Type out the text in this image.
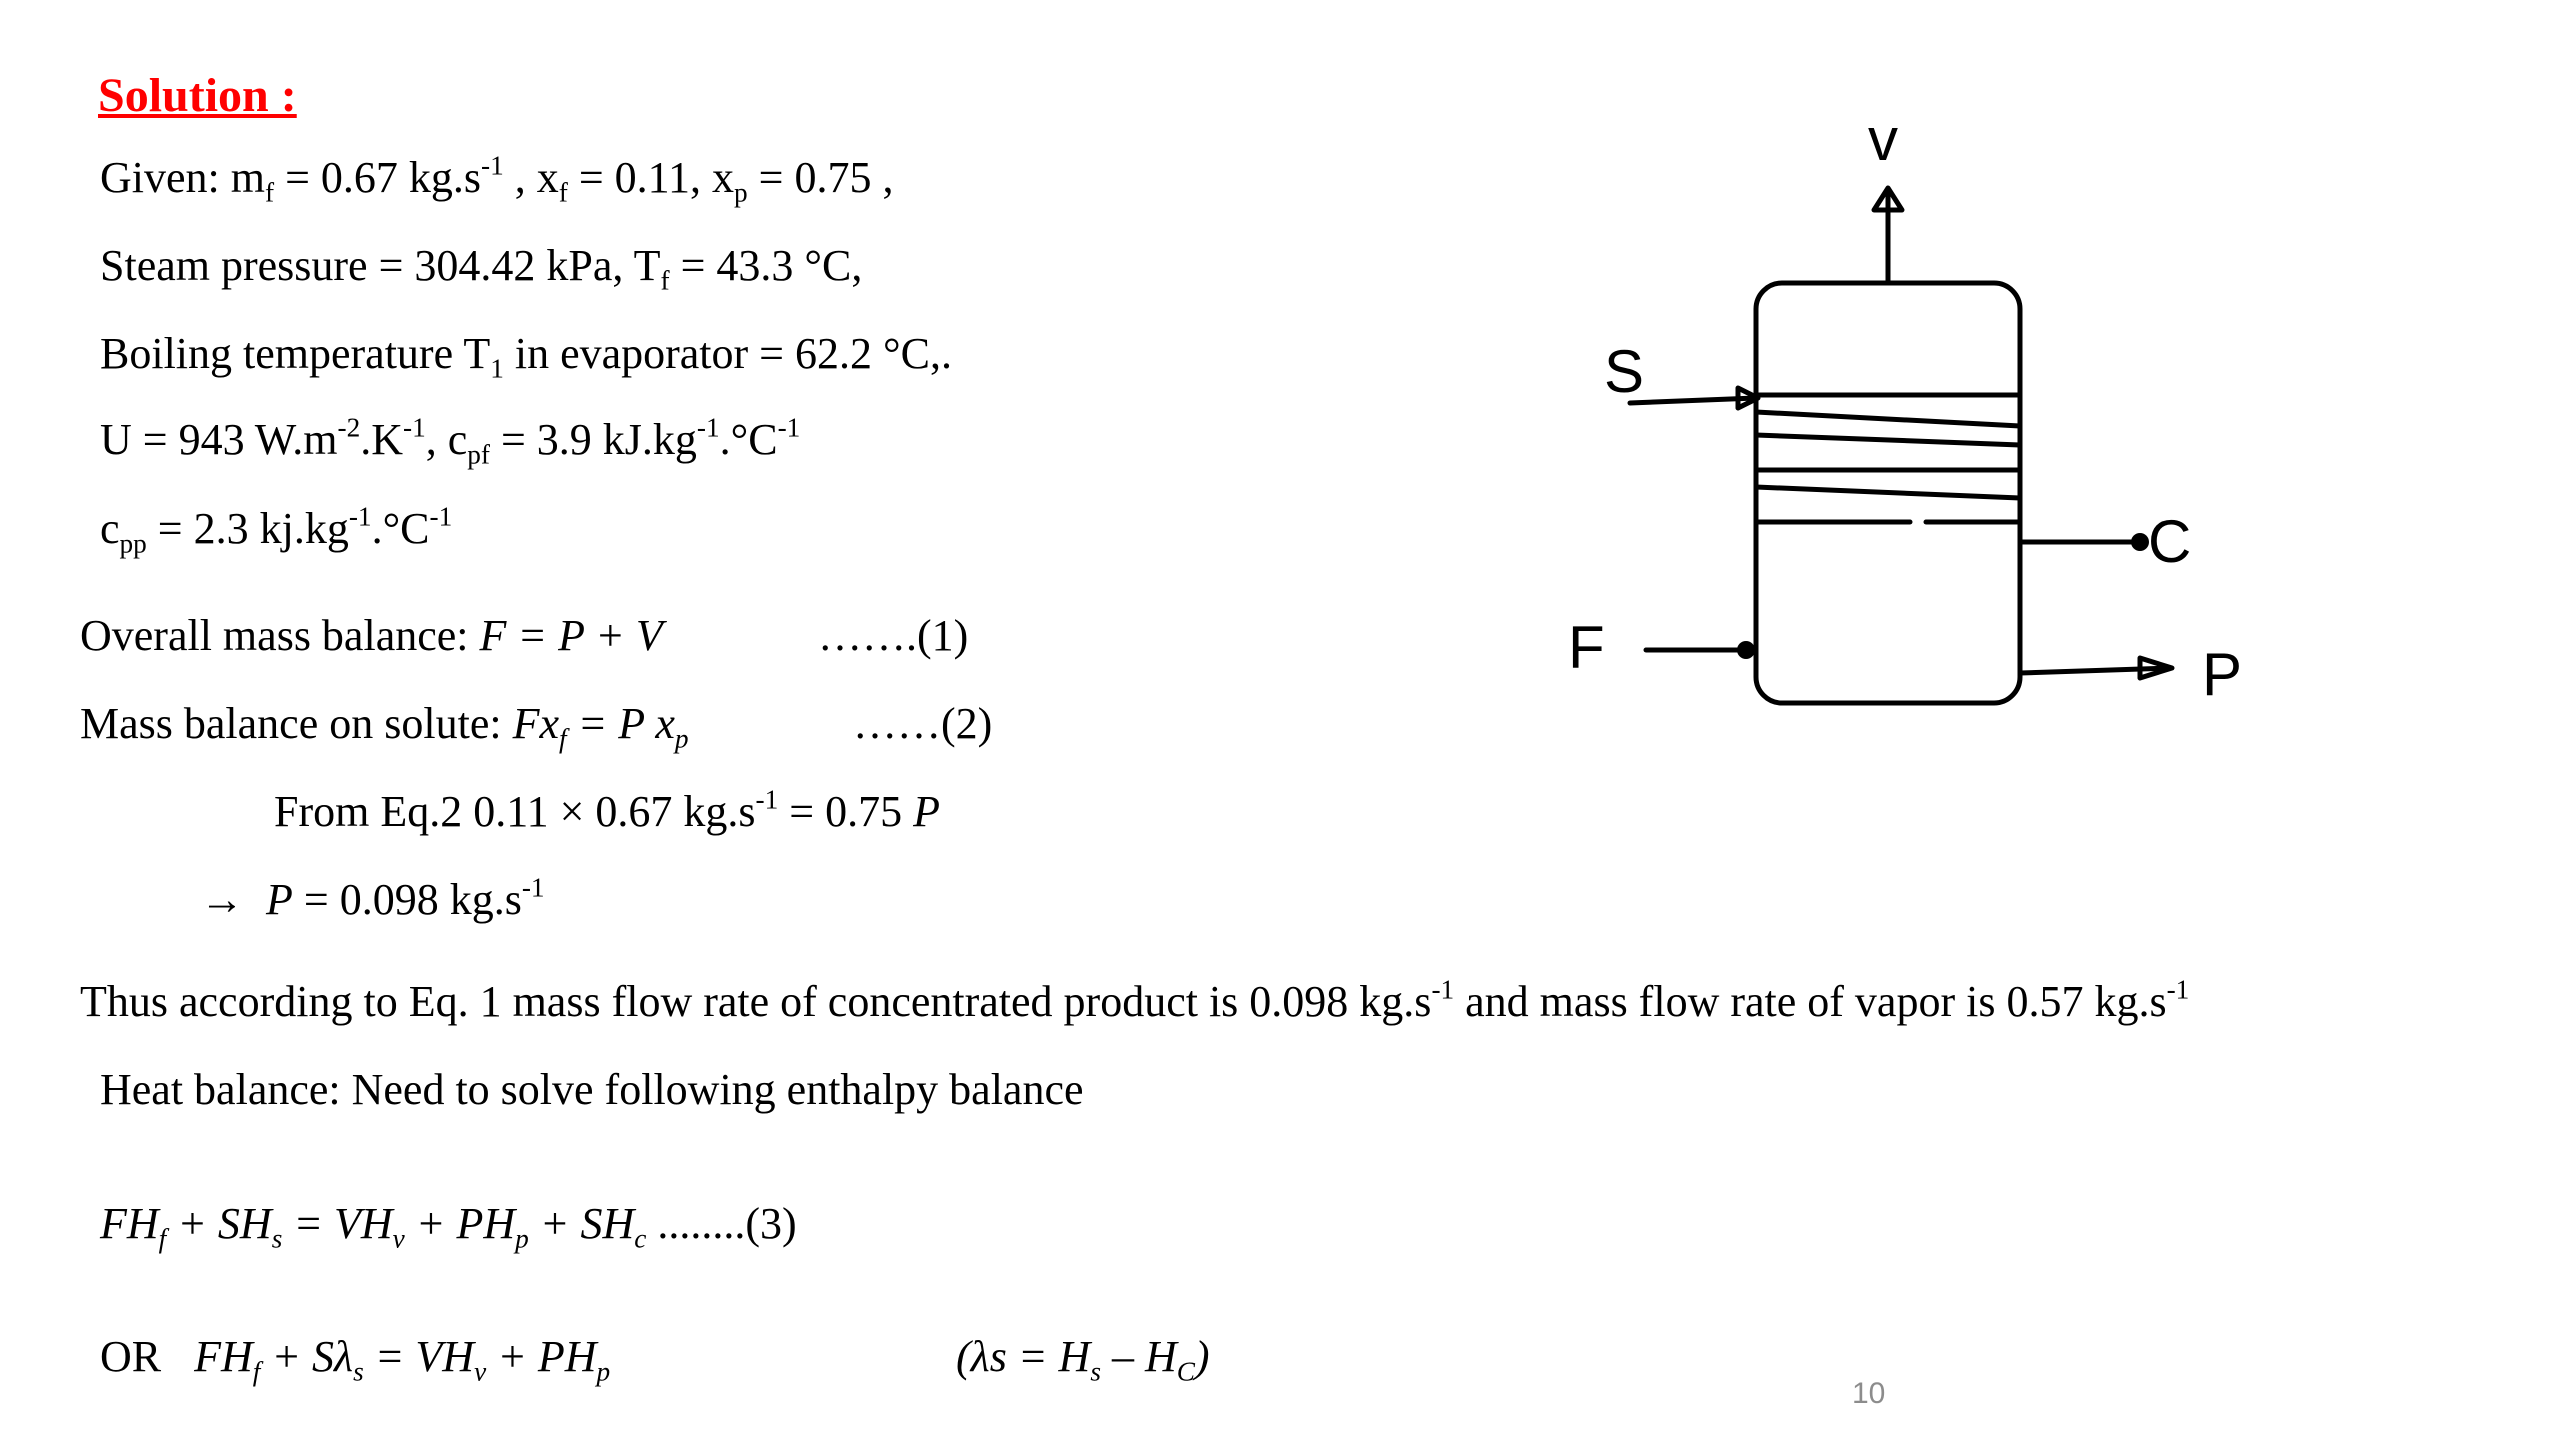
Solution :
Given: $m_f = 0.67$ $kg.s^{-1}$ , $x_f = 0.11$, $x_p = 0.75$ ,
Steam pressure = 304.42 kPa, $T_f = 43.3$ °C,
Boiling temperature $T_1$ in evaporator = 62.2 °C,.
U = 943 $W.m^{-2}.K^{-1}$, $c_{pf} = 3.9$ $kJ.kg^{-1}.^\circ C^{-1}$
$c_{pp} = 2.3$ $kj.kg^{-1}.^\circ C^{-1}$
Overall mass balance: F = P + V	…….(1)
Mass balance on solute: $Fx_f = P$ $x_p$	……(2)
From Eq.2 0.11 × 0.67 $kg.s^{-1} = 0.75$ P
→ P = 0.098 $kg.s^{-1}$
Thus according to Eq. 1 mass flow rate of concentrated product is 0.098 $kg.s^{-1}$ and mass flow rate of vapor is 0.57 $kg.s^{-1}$
Heat balance: Need to solve following enthalpy balance
$FH_f + SH_s = VH_v + PH_p + SH_c$ ........(3)
OR $FH_f + S\lambda_s = VH_v + PH_p$	$(\lambda s = H_s - H_C)$
10
v
S
C
F	P
